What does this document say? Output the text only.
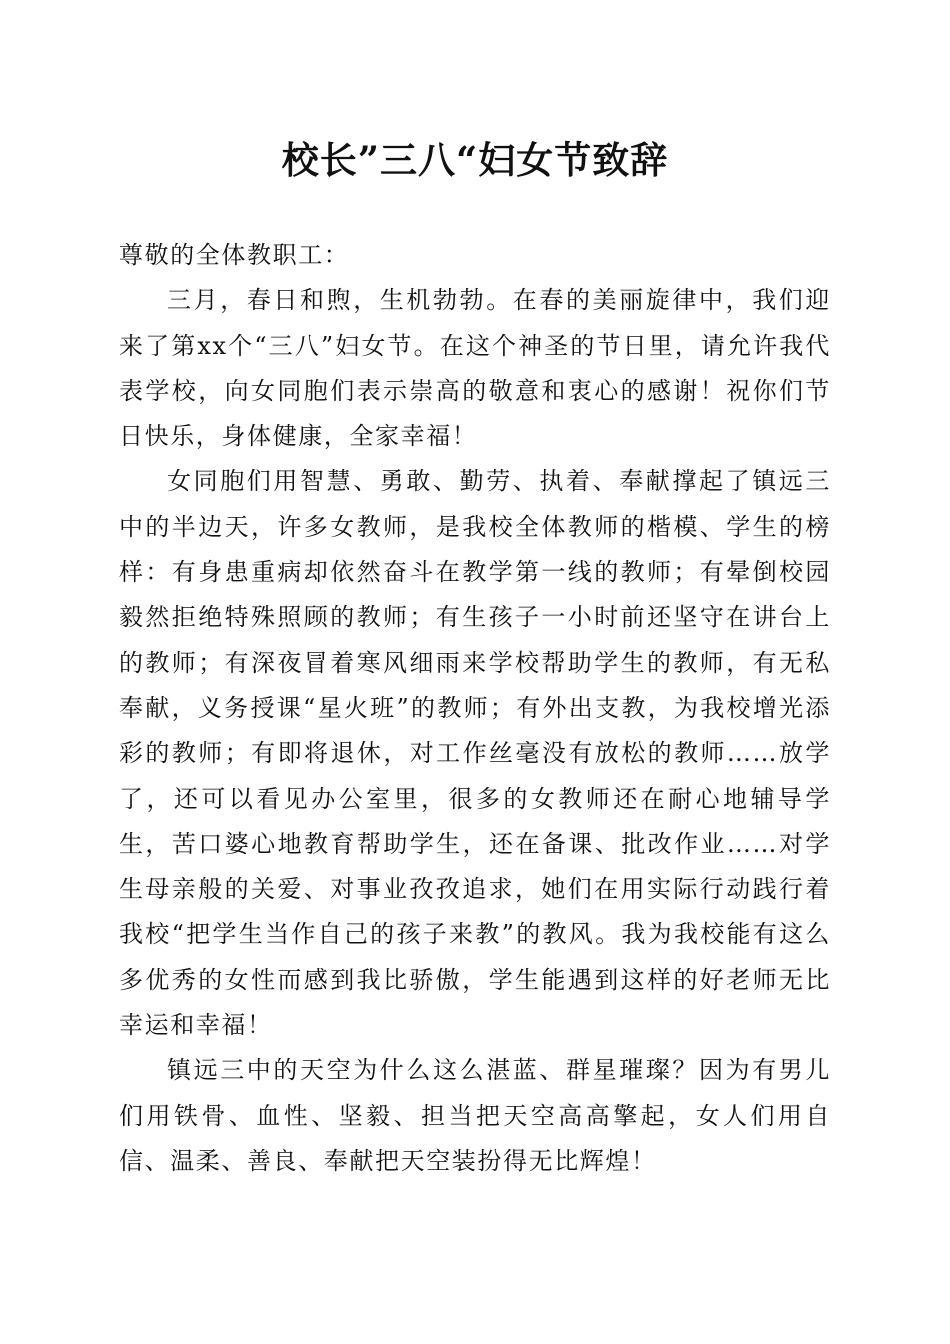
校长”三八“妇女节致辞

尊敬的全体教职工：

三月，春日和煦，生机勃勃。在春的美丽旋律中，我们迎来了第xx个“三八”妇女节。在这个神圣的节日里，请允许我代表学校，向女同胞们表示崇高的敬意和衷心的感谢！祝你们节日快乐，身体健康，全家幸福！

女同胞们用智慧、勇敢、勤劳、执着、奉献撑起了镇远三中的半边天，许多女教师，是我校全体教师的楷模、学生的榜样：有身患重病却依然奋斗在教学第一线的教师；有晕倒校园毅然拒绝特殊照顾的教师；有生孩子一小时前还坚守在讲台上的教师；有深夜冒着寒风细雨来学校帮助学生的教师，有无私奉献，义务授课“星火班”的教师；有外出支教，为我校增光添彩的教师；有即将退休，对工作丝毫没有放松的教师……放学了，还可以看见办公室里，很多的女教师还在耐心地辅导学生，苦口婆心地教育帮助学生，还在备课、批改作业……对学生母亲般的关爱、对事业孜孜追求，她们在用实际行动践行着我校“把学生当作自己的孩子来教”的教风。我为我校能有这么多优秀的女性而感到我比骄傲，学生能遇到这样的好老师无比幸运和幸福！

镇远三中的天空为什么这么湛蓝、群星璀璨？因为有男儿们用铁骨、血性、坚毅、担当把天空高高擎起，女人们用自信、温柔、善良、奉献把天空装扮得无比辉煌！
